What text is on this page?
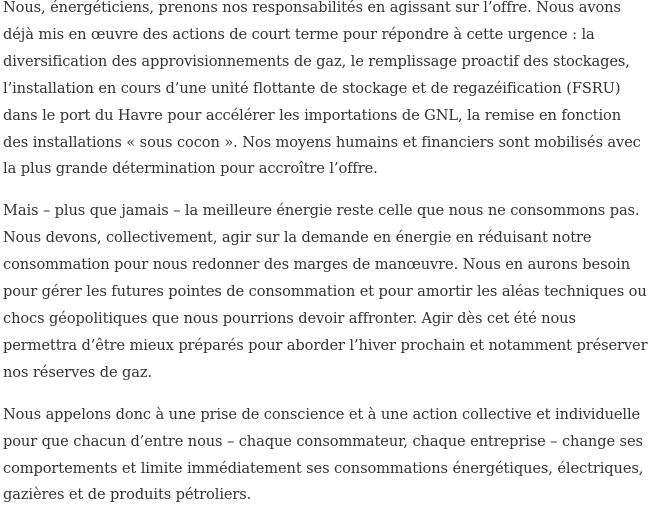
Nous, énergéticiens, prenons nos responsabilités en agissant sur l’offre. Nous avons déjà mis en œuvre des actions de court terme pour répondre à cette urgence : la diversification des approvisionnements de gaz, le remplissage proactif des stockages, l’installation en cours d’une unité flottante de stockage et de regazéification (FSRU) dans le port du Havre pour accélérer les importations de GNL, la remise en fonction des installations « sous cocon ». Nos moyens humains et financiers sont mobilisés avec la plus grande détermination pour accroître l’offre.

Mais – plus que jamais – la meilleure énergie reste celle que nous ne consommons pas. Nous devons, collectivement, agir sur la demande en énergie en réduisant notre consommation pour nous redonner des marges de manœuvre. Nous en aurons besoin pour gérer les futures pointes de consommation et pour amortir les aléas techniques ou chocs géopolitiques que nous pourrions devoir affronter. Agir dès cet été nous permettra d’être mieux préparés pour aborder l’hiver prochain et notamment préserver nos réserves de gaz.

Nous appelons donc à une prise de conscience et à une action collective et individuelle pour que chacun d’entre nous – chaque consommateur, chaque entreprise – change ses comportements et limite immédiatement ses consommations énergétiques, électriques, gazières et de produits pétroliers.
